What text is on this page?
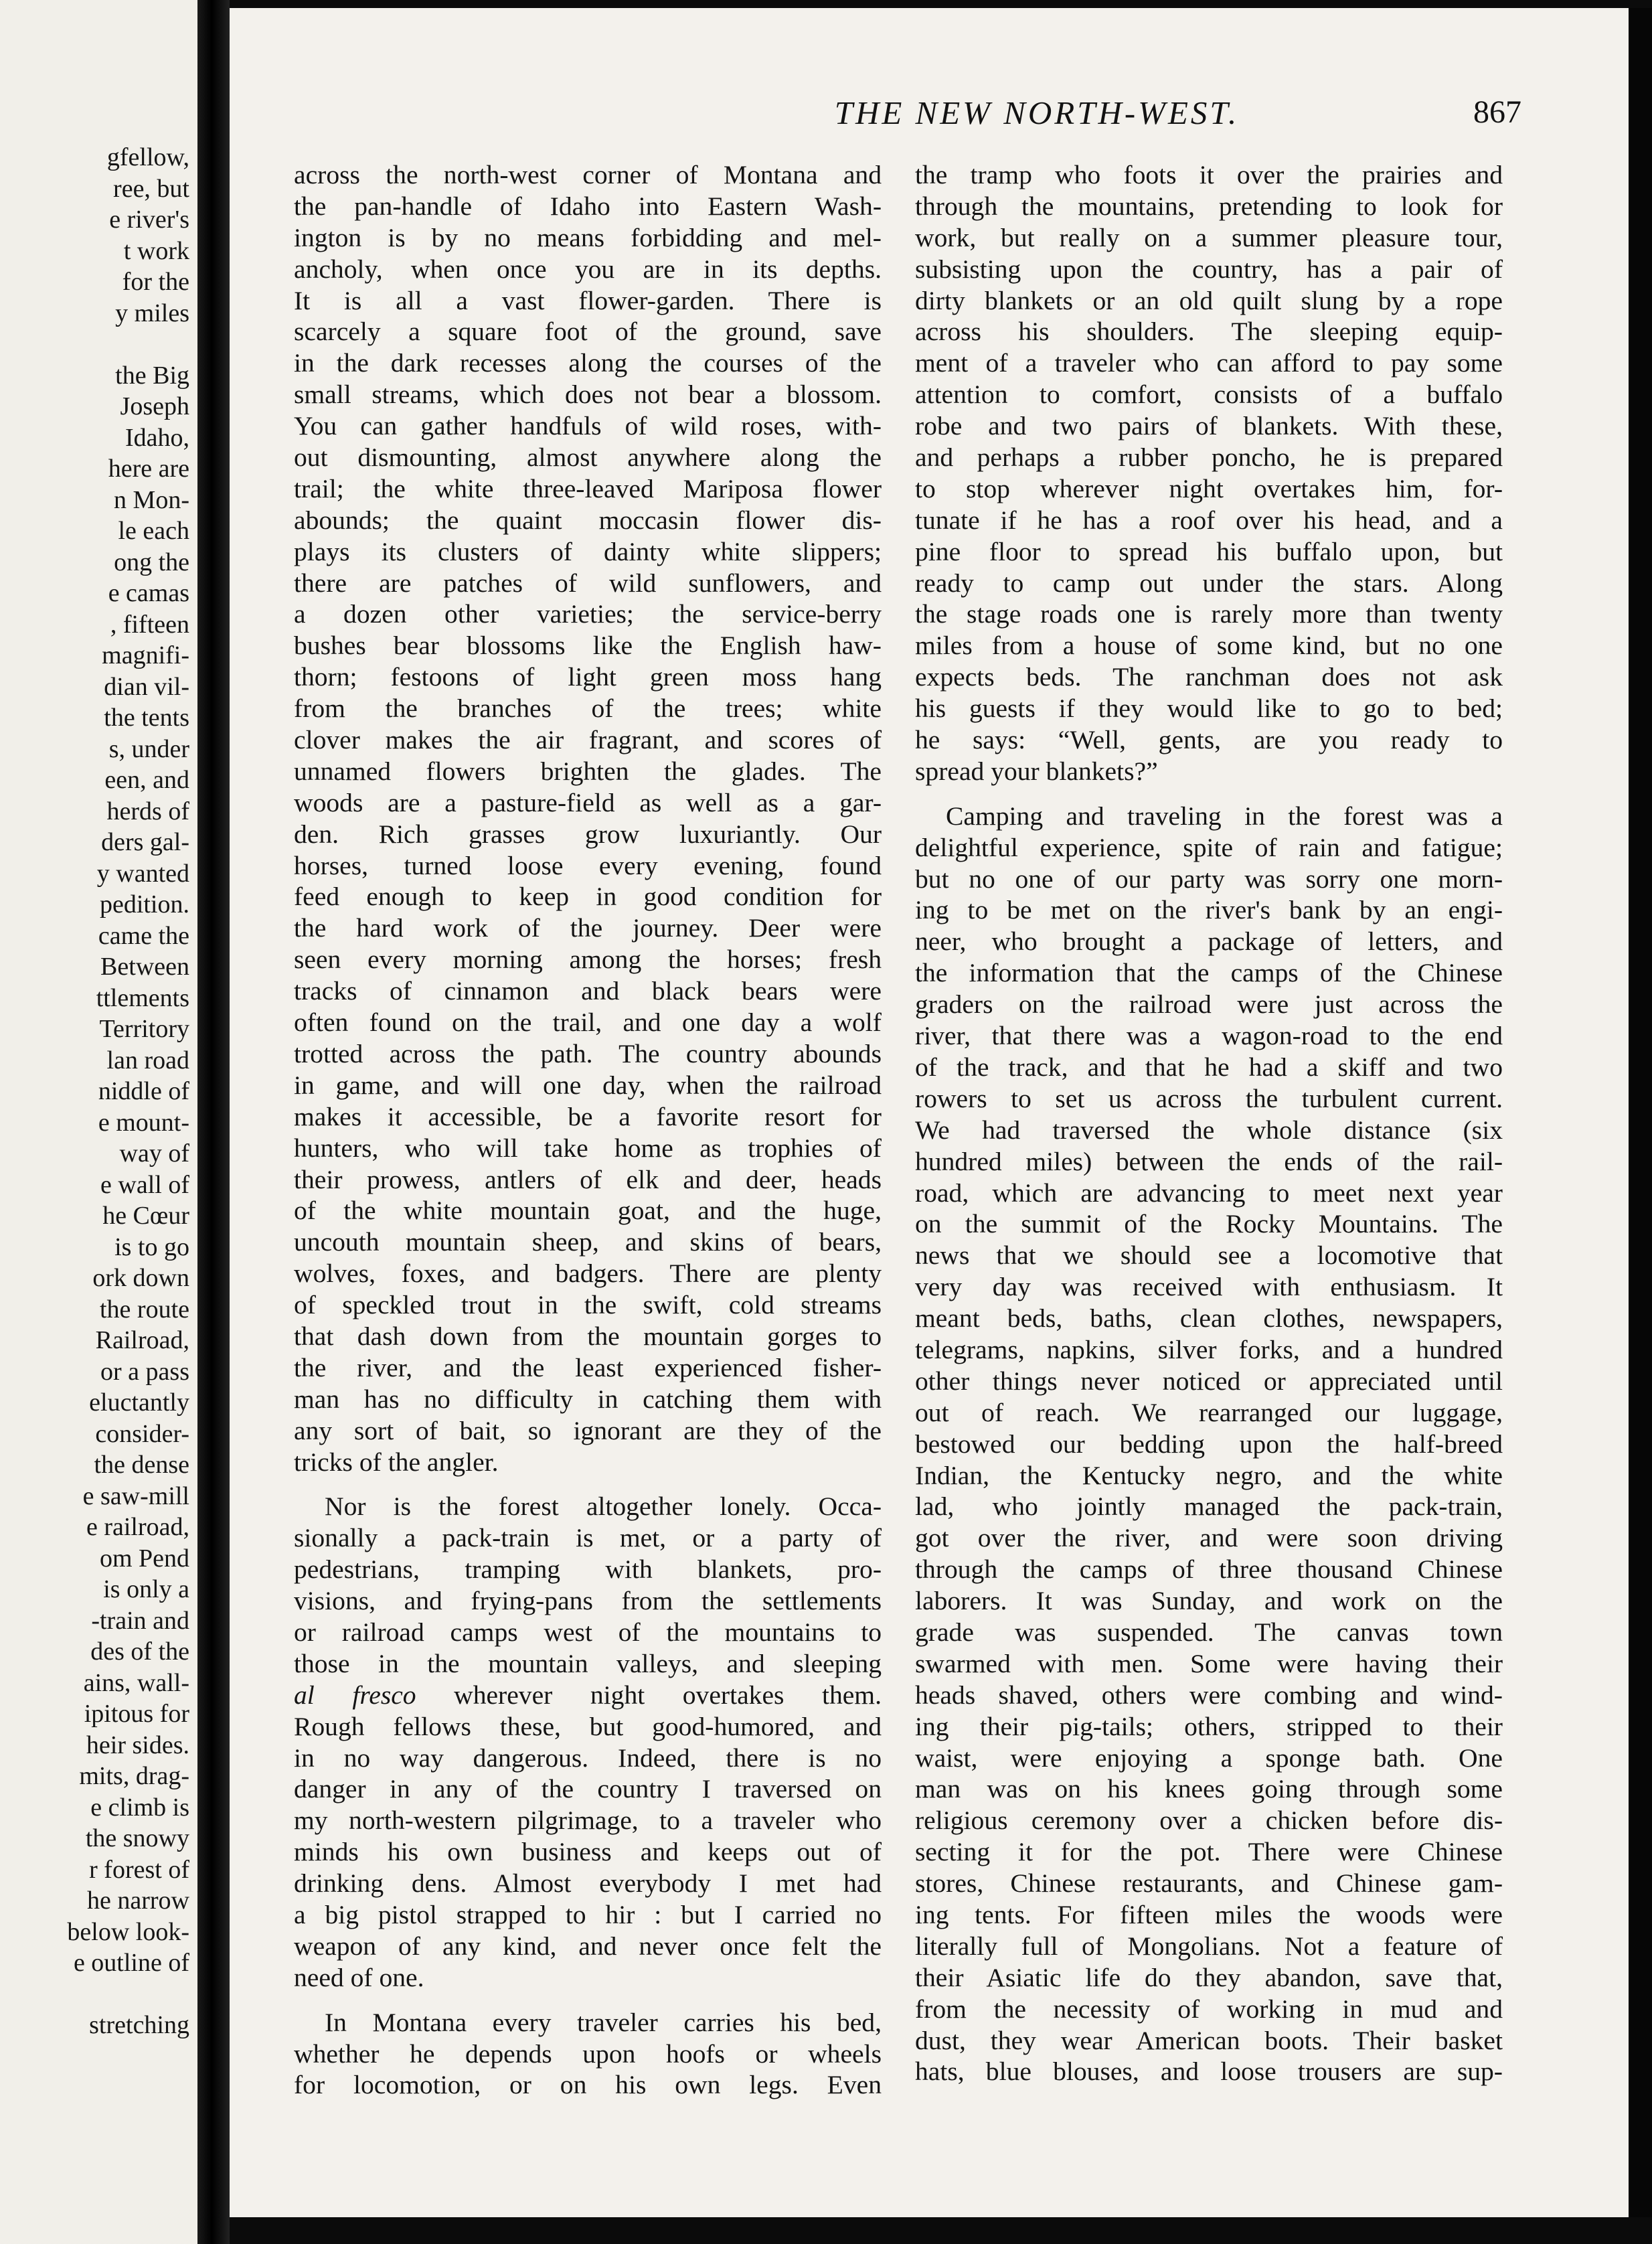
gfellow,
ree, but
e river's
t work
for the
y miles
the Big
Joseph
Idaho,
here are
n Mon-
le each
ong the
e camas
, fifteen
magnifi-
dian vil-
the tents
s, under
een, and
herds of
ders gal-
y wanted
pedition.
came the
Between
ttlements
Territory
lan road
niddle of
e mount-
way of
e wall of
he Cœur
is to go
ork down
the route
Railroad,
or a pass
eluctantly
consider-
the dense
e saw-mill
e railroad,
om Pend
is only a
-train and
des of the
ains, wall-
ipitous for
heir sides.
mits, drag-
e climb is
the snowy
r forest of
he narrow
below look-
e outline of
stretching
THE NEW NORTH-WEST.	867
across the north-west corner of Montana and
the pan-handle of Idaho into Eastern Wash-
ington is by no means forbidding and mel-
ancholy, when once you are in its depths.
It is all a vast flower-garden. There is
scarcely a square foot of the ground, save
in the dark recesses along the courses of the
small streams, which does not bear a blossom.
You can gather handfuls of wild roses, with-
out dismounting, almost anywhere along the
trail; the white three-leaved Mariposa flower
abounds; the quaint moccasin flower dis-
plays its clusters of dainty white slippers;
there are patches of wild sunflowers, and
a dozen other varieties; the service-berry
bushes bear blossoms like the English haw-
thorn; festoons of light green moss hang
from the branches of the trees; white
clover makes the air fragrant, and scores of
unnamed flowers brighten the glades. The
woods are a pasture-field as well as a gar-
den. Rich grasses grow luxuriantly. Our
horses, turned loose every evening, found
feed enough to keep in good condition for
the hard work of the journey. Deer were
seen every morning among the horses; fresh
tracks of cinnamon and black bears were
often found on the trail, and one day a wolf
trotted across the path. The country abounds
in game, and will one day, when the railroad
makes it accessible, be a favorite resort for
hunters, who will take home as trophies of
their prowess, antlers of elk and deer, heads
of the white mountain goat, and the huge,
uncouth mountain sheep, and skins of bears,
wolves, foxes, and badgers. There are plenty
of speckled trout in the swift, cold streams
that dash down from the mountain gorges to
the river, and the least experienced fisher-
man has no difficulty in catching them with
any sort of bait, so ignorant are they of the
tricks of the angler.
Nor is the forest altogether lonely. Occa-
sionally a pack-train is met, or a party of
pedestrians, tramping with blankets, pro-
visions, and frying-pans from the settlements
or railroad camps west of the mountains to
those in the mountain valleys, and sleeping
al fresco wherever night overtakes them.
Rough fellows these, but good-humored, and
in no way dangerous. Indeed, there is no
danger in any of the country I traversed on
my north-western pilgrimage, to a traveler who
minds his own business and keeps out of
drinking dens. Almost everybody I met had
a big pistol strapped to hir : but I carried no
weapon of any kind, and never once felt the
need of one.
In Montana every traveler carries his bed,
whether he depends upon hoofs or wheels
for locomotion, or on his own legs. Even
the tramp who foots it over the prairies and
through the mountains, pretending to look for
work, but really on a summer pleasure tour,
subsisting upon the country, has a pair of
dirty blankets or an old quilt slung by a rope
across his shoulders. The sleeping equip-
ment of a traveler who can afford to pay some
attention to comfort, consists of a buffalo
robe and two pairs of blankets. With these,
and perhaps a rubber poncho, he is prepared
to stop wherever night overtakes him, for-
tunate if he has a roof over his head, and a
pine floor to spread his buffalo upon, but
ready to camp out under the stars. Along
the stage roads one is rarely more than twenty
miles from a house of some kind, but no one
expects beds. The ranchman does not ask
his guests if they would like to go to bed;
he says: “Well, gents, are you ready to
spread your blankets?”
Camping and traveling in the forest was a
delightful experience, spite of rain and fatigue;
but no one of our party was sorry one morn-
ing to be met on the river's bank by an engi-
neer, who brought a package of letters, and
the information that the camps of the Chinese
graders on the railroad were just across the
river, that there was a wagon-road to the end
of the track, and that he had a skiff and two
rowers to set us across the turbulent current.
We had traversed the whole distance (six
hundred miles) between the ends of the rail-
road, which are advancing to meet next year
on the summit of the Rocky Mountains. The
news that we should see a locomotive that
very day was received with enthusiasm. It
meant beds, baths, clean clothes, newspapers,
telegrams, napkins, silver forks, and a hundred
other things never noticed or appreciated until
out of reach. We rearranged our luggage,
bestowed our bedding upon the half-breed
Indian, the Kentucky negro, and the white
lad, who jointly managed the pack-train,
got over the river, and were soon driving
through the camps of three thousand Chinese
laborers. It was Sunday, and work on the
grade was suspended. The canvas town
swarmed with men. Some were having their
heads shaved, others were combing and wind-
ing their pig-tails; others, stripped to their
waist, were enjoying a sponge bath. One
man was on his knees going through some
religious ceremony over a chicken before dis-
secting it for the pot. There were Chinese
stores, Chinese restaurants, and Chinese gam-
ing tents. For fifteen miles the woods were
literally full of Mongolians. Not a feature of
their Asiatic life do they abandon, save that,
from the necessity of working in mud and
dust, they wear American boots. Their basket
hats, blue blouses, and loose trousers are sup-
